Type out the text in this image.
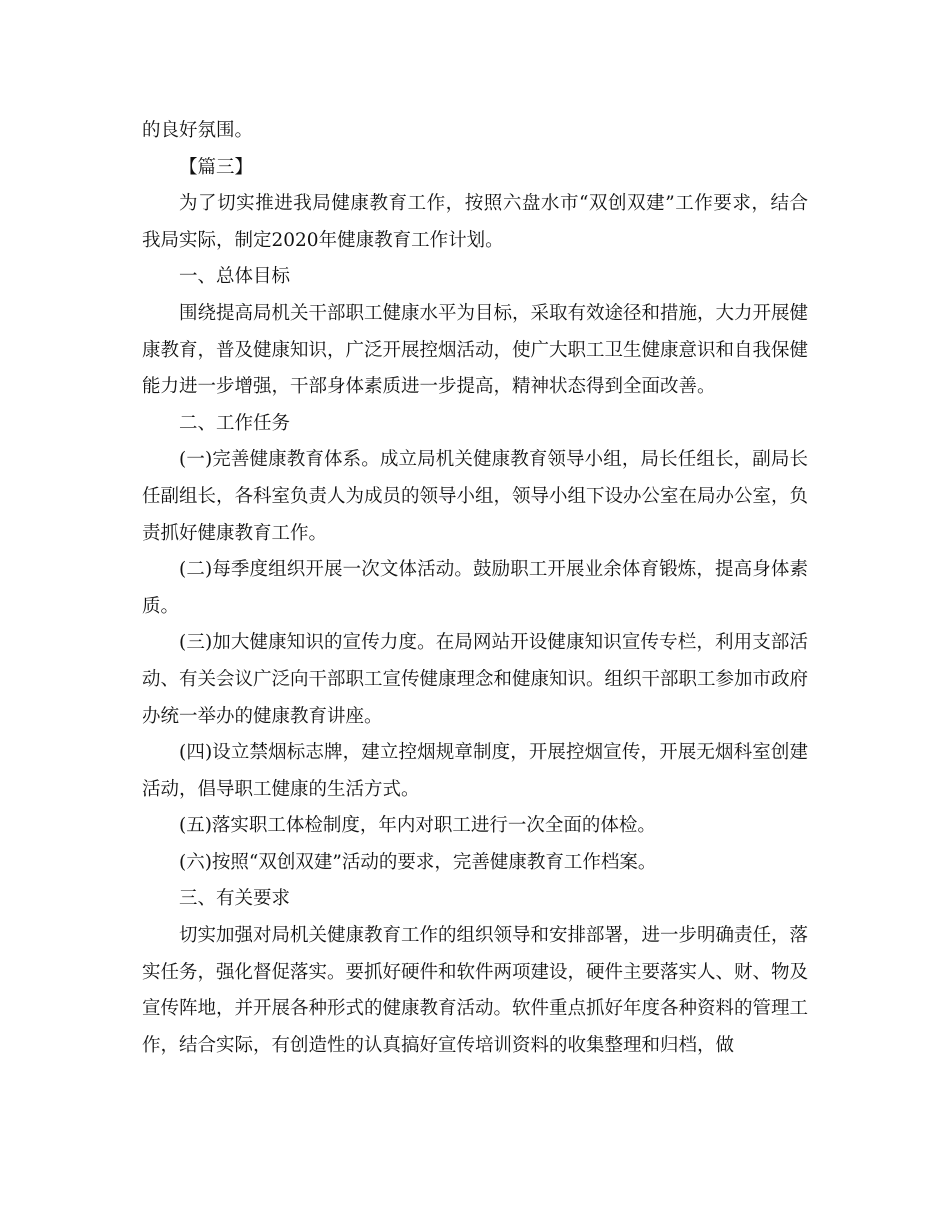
的良好氛围。

【篇三】

为了切实推进我局健康教育工作，按照六盘水市“双创双建”工作要求，结合我局实际，制定2020年健康教育工作计划。

一、总体目标

围绕提高局机关干部职工健康水平为目标，采取有效途径和措施，大力开展健康教育，普及健康知识，广泛开展控烟活动，使广大职工卫生健康意识和自我保健能力进一步增强，干部身体素质进一步提高，精神状态得到全面改善。

二、工作任务

(一)完善健康教育体系。成立局机关健康教育领导小组，局长任组长，副局长任副组长，各科室负责人为成员的领导小组，领导小组下设办公室在局办公室，负责抓好健康教育工作。

(二)每季度组织开展一次文体活动。鼓励职工开展业余体育锻炼，提高身体素质。

(三)加大健康知识的宣传力度。在局网站开设健康知识宣传专栏，利用支部活动、有关会议广泛向干部职工宣传健康理念和健康知识。组织干部职工参加市政府办统一举办的健康教育讲座。

(四)设立禁烟标志牌，建立控烟规章制度，开展控烟宣传，开展无烟科室创建活动，倡导职工健康的生活方式。

(五)落实职工体检制度，年内对职工进行一次全面的体检。

(六)按照“双创双建”活动的要求，完善健康教育工作档案。

三、有关要求

切实加强对局机关健康教育工作的组织领导和安排部署，进一步明确责任，落实任务，强化督促落实。要抓好硬件和软件两项建设，硬件主要落实人、财、物及宣传阵地，并开展各种形式的健康教育活动。软件重点抓好年度各种资料的管理工作，结合实际，有创造性的认真搞好宣传培训资料的收集整理和归档，做
